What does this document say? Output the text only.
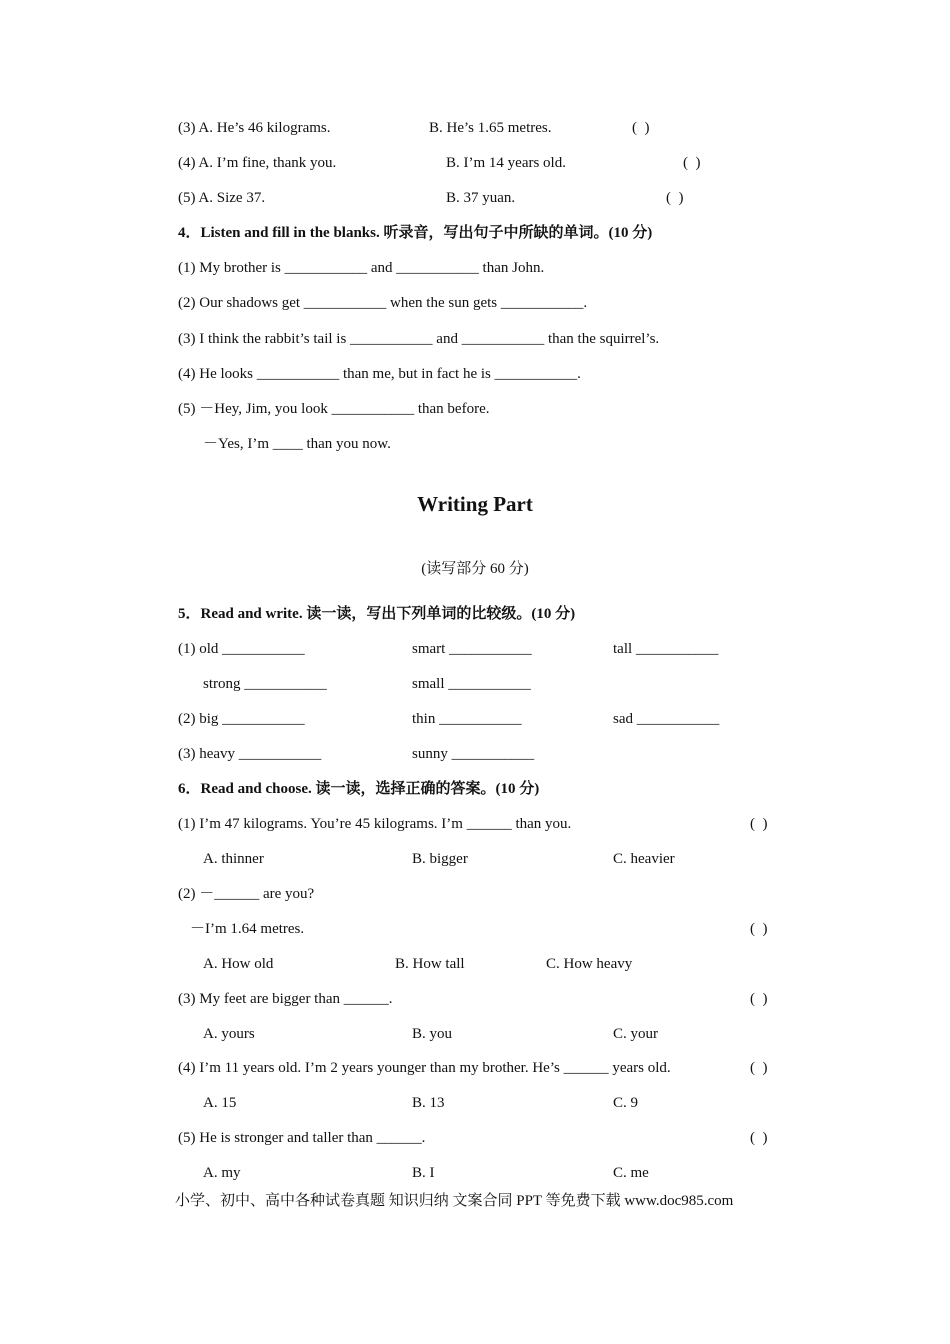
(3) A. He’s 46 kilograms.	B. He’s 1.65 metres.	(  )
(4) A. I’m fine, thank you.	B. I’m 14 years old.	(  )
(5) A. Size 37.	B. 37 yuan.	(  )
4．Listen and fill in the blanks. 听录音，写出句子中所缺的单词。(10 分)
(1) My brother is ___________ and ___________ than John.
(2) Our shadows get ___________ when the sun gets ___________.
(3) I think the rabbit’s tail is ___________ and ___________ than the squirrel’s.
(4) He looks ___________ than me, but in fact he is ___________.
(5) －Hey, Jim, you look ___________ than before.
－Yes, I’m ____ than you now.
Writing Part
(读写部分 60 分)
5．Read and write. 读一读，写出下列单词的比较级。(10 分)
(1) old ___________	smart ___________	tall ___________
strong ___________	small ___________
(2) big ___________	thin ___________	sad ___________
(3) heavy ___________	sunny ___________
6．Read and choose. 读一读，选择正确的答案。(10 分)
(1) I’m 47 kilograms. You’re 45 kilograms. I’m ______ than you.	(  )
A. thinner	B. bigger	C. heavier
(2) －______ are you?
－I’m 1.64 metres.	(  )
A. How old	B. How tall	C. How heavy
(3) My feet are bigger than ______.	(  )
A. yours	B. you	C. your
(4) I’m 11 years old. I’m 2 years younger than my brother. He’s ______ years old.	(  )
A. 15	B. 13	C. 9
(5) He is stronger and taller than ______.	(  )
A. my	B. I	C. me
小学、初中、高中各种试卷真题 知识归纳 文案合同 PPT 等免费下载 www.doc985.com
